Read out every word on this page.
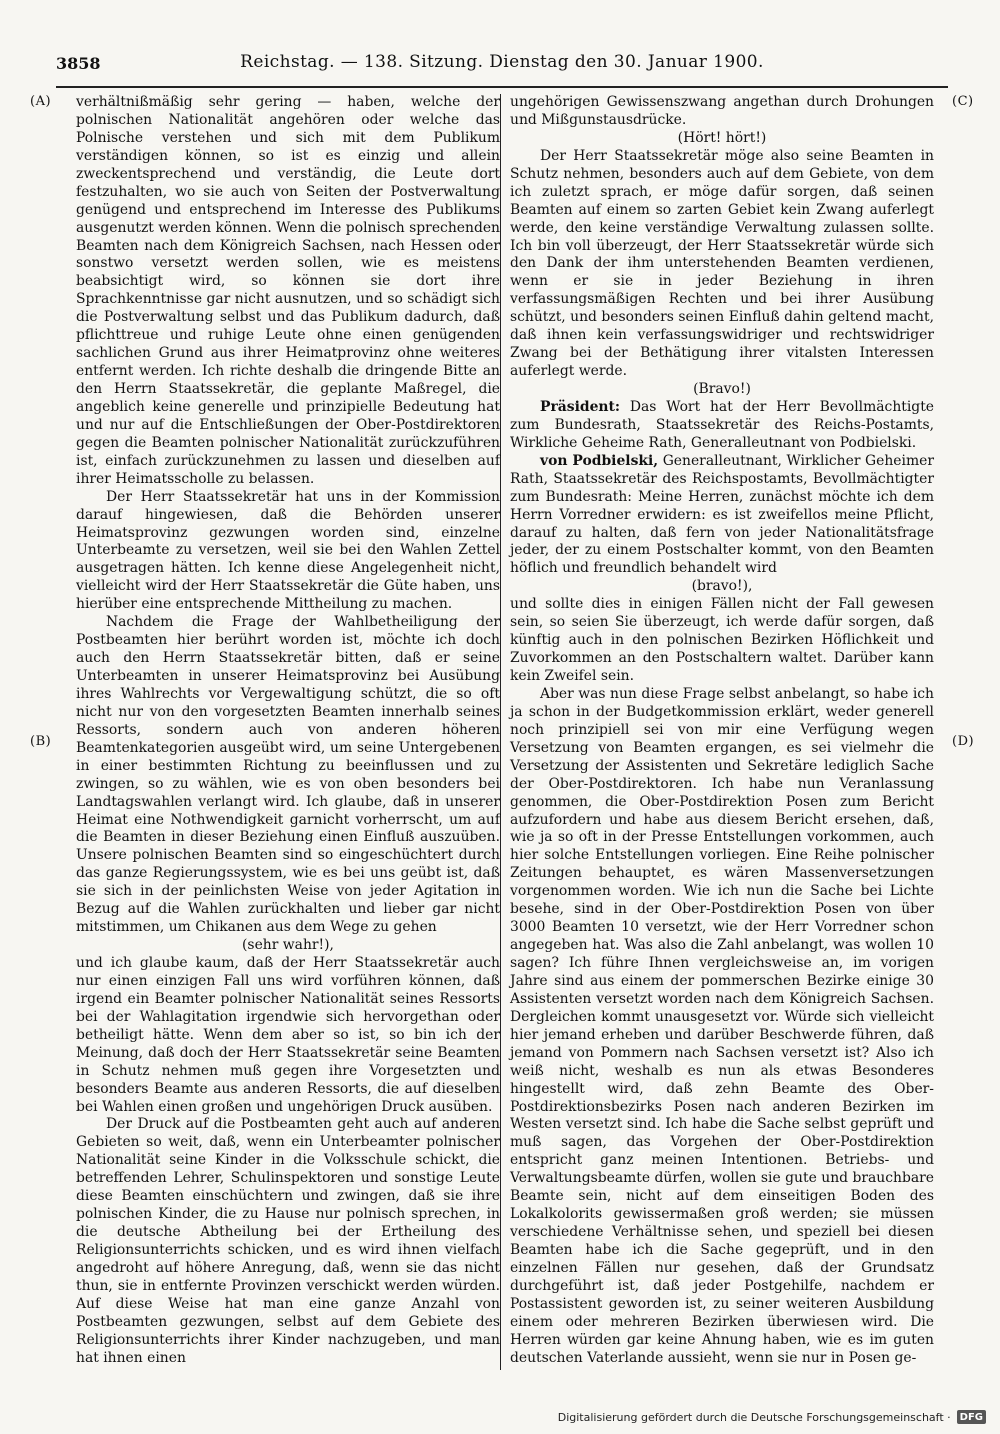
3858	Reichstag. — 138. Sitzung. Dienstag den 30. Januar 1900.
(A)
(B)
(C)
(D)

verhältnißmäßig sehr gering — haben, welche der polnischen Nationalität angehören oder welche das Polnische verstehen und sich mit dem Publikum verständigen können, so ist es einzig und allein zweckentsprechend und verständig, die Leute dort festzuhalten, wo sie auch von Seiten der Postverwaltung genügend und entsprechend im Interesse des Publikums ausgenutzt werden können. Wenn die polnisch sprechenden Beamten nach dem Königreich Sachsen, nach Hessen oder sonstwo versetzt werden sollen, wie es meistens beabsichtigt wird, so können sie dort ihre Sprachkenntnisse gar nicht ausnutzen, und so schädigt sich die Postverwaltung selbst und das Publikum dadurch, daß pflichttreue und ruhige Leute ohne einen genügenden sachlichen Grund aus ihrer Heimatprovinz ohne weiteres entfernt werden. Ich richte deshalb die dringende Bitte an den Herrn Staatssekretär, die geplante Maßregel, die angeblich keine generelle und prinzipielle Bedeutung hat und nur auf die Entschließungen der Ober-Postdirektoren gegen die Beamten polnischer Nationalität zurückzuführen ist, einfach zurückzunehmen zu lassen und dieselben auf ihrer Heimatsscholle zu belassen.

Der Herr Staatssekretär hat uns in der Kommission darauf hingewiesen, daß die Behörden unserer Heimatsprovinz gezwungen worden sind, einzelne Unterbeamte zu versetzen, weil sie bei den Wahlen Zettel ausgetragen hätten. Ich kenne diese Angelegenheit nicht, vielleicht wird der Herr Staatssekretär die Güte haben, uns hierüber eine entsprechende Mittheilung zu machen.

Nachdem die Frage der Wahlbetheiligung der Postbeamten hier berührt worden ist, möchte ich doch auch den Herrn Staatssekretär bitten, daß er seine Unterbeamten in unserer Heimatsprovinz bei Ausübung ihres Wahlrechts vor Vergewaltigung schützt, die so oft nicht nur von den vorgesetzten Beamten innerhalb seines Ressorts, sondern auch von anderen höheren Beamtenkategorien ausgeübt wird, um seine Untergebenen in einer bestimmten Richtung zu beeinflussen und zu zwingen, so zu wählen, wie es von oben besonders bei Landtagswahlen verlangt wird. Ich glaube, daß in unserer Heimat eine Nothwendigkeit garnicht vorherrscht, um auf die Beamten in dieser Beziehung einen Einfluß auszuüben. Unsere polnischen Beamten sind so eingeschüchtert durch das ganze Regierungssystem, wie es bei uns geübt ist, daß sie sich in der peinlichsten Weise von jeder Agitation in Bezug auf die Wahlen zurückhalten und lieber gar nicht mitstimmen, um Chikanen aus dem Wege zu gehen

(sehr wahr!),

und ich glaube kaum, daß der Herr Staatssekretär auch nur einen einzigen Fall uns wird vorführen können, daß irgend ein Beamter polnischer Nationalität seines Ressorts bei der Wahlagitation irgendwie sich hervorgethan oder betheiligt hätte. Wenn dem aber so ist, so bin ich der Meinung, daß doch der Herr Staatssekretär seine Beamten in Schutz nehmen muß gegen ihre Vorgesetzten und besonders Beamte aus anderen Ressorts, die auf dieselben bei Wahlen einen großen und ungehörigen Druck ausüben.

Der Druck auf die Postbeamten geht auch auf anderen Gebieten so weit, daß, wenn ein Unterbeamter polnischer Nationalität seine Kinder in die Volksschule schickt, die betreffenden Lehrer, Schulinspektoren und sonstige Leute diese Beamten einschüchtern und zwingen, daß sie ihre polnischen Kinder, die zu Hause nur polnisch sprechen, in die deutsche Abtheilung bei der Ertheilung des Religionsunterrichts schicken, und es wird ihnen vielfach angedroht auf höhere Anregung, daß, wenn sie das nicht thun, sie in entfernte Provinzen verschickt werden würden. Auf diese Weise hat man eine ganze Anzahl von Postbeamten gezwungen, selbst auf dem Gebiete des Religionsunterrichts ihrer Kinder nachzugeben, und man hat ihnen einen

ungehörigen Gewissenszwang angethan durch Drohungen und Mißgunstausdrücke.

(Hört! hört!)

Der Herr Staatssekretär möge also seine Beamten in Schutz nehmen, besonders auch auf dem Gebiete, von dem ich zuletzt sprach, er möge dafür sorgen, daß seinen Beamten auf einem so zarten Gebiet kein Zwang auferlegt werde, den keine verständige Verwaltung zulassen sollte. Ich bin voll überzeugt, der Herr Staatssekretär würde sich den Dank der ihm unterstehenden Beamten verdienen, wenn er sie in jeder Beziehung in ihren verfassungsmäßigen Rechten und bei ihrer Ausübung schützt, und besonders seinen Einfluß dahin geltend macht, daß ihnen kein verfassungswidriger und rechtswidriger Zwang bei der Bethätigung ihrer vitalsten Interessen auferlegt werde.

(Bravo!)

Präsident: Das Wort hat der Herr Bevollmächtigte zum Bundesrath, Staatssekretär des Reichs-Postamts, Wirkliche Geheime Rath, Generalleutnant von Podbielski.

von Podbielski, Generalleutnant, Wirklicher Geheimer Rath, Staatssekretär des Reichspostamts, Bevollmächtigter zum Bundesrath: Meine Herren, zunächst möchte ich dem Herrn Vorredner erwidern: es ist zweifellos meine Pflicht, darauf zu halten, daß fern von jeder Nationalitätsfrage jeder, der zu einem Postschalter kommt, von den Beamten höflich und freundlich behandelt wird

(bravo!),

und sollte dies in einigen Fällen nicht der Fall gewesen sein, so seien Sie überzeugt, ich werde dafür sorgen, daß künftig auch in den polnischen Bezirken Höflichkeit und Zuvorkommen an den Postschaltern waltet. Darüber kann kein Zweifel sein.

Aber was nun diese Frage selbst anbelangt, so habe ich ja schon in der Budgetkommission erklärt, weder generell noch prinzipiell sei von mir eine Verfügung wegen Versetzung von Beamten ergangen, es sei vielmehr die Versetzung der Assistenten und Sekretäre lediglich Sache der Ober-Postdirektoren. Ich habe nun Veranlassung genommen, die Ober-Postdirektion Posen zum Bericht aufzufordern und habe aus diesem Bericht ersehen, daß, wie ja so oft in der Presse Entstellungen vorkommen, auch hier solche Entstellungen vorliegen. Eine Reihe polnischer Zeitungen behauptet, es wären Massenversetzungen vorgenommen worden. Wie ich nun die Sache bei Lichte besehe, sind in der Ober-Postdirektion Posen von über 3000 Beamten 10 versetzt, wie der Herr Vorredner schon angegeben hat. Was also die Zahl anbelangt, was wollen 10 sagen? Ich führe Ihnen vergleichsweise an, im vorigen Jahre sind aus einem der pommerschen Bezirke einige 30 Assistenten versetzt worden nach dem Königreich Sachsen. Dergleichen kommt unausgesetzt vor. Würde sich vielleicht hier jemand erheben und darüber Beschwerde führen, daß jemand von Pommern nach Sachsen versetzt ist? Also ich weiß nicht, weshalb es nun als etwas Besonderes hingestellt wird, daß zehn Beamte des Ober-Postdirektionsbezirks Posen nach anderen Bezirken im Westen versetzt sind. Ich habe die Sache selbst geprüft und muß sagen, das Vorgehen der Ober-Postdirektion entspricht ganz meinen Intentionen. Betriebs- und Verwaltungsbeamte dürfen, wollen sie gute und brauchbare Beamte sein, nicht auf dem einseitigen Boden des Lokalkolorits gewissermaßen groß werden; sie müssen verschiedene Verhältnisse sehen, und speziell bei diesen Beamten habe ich die Sache gegeprüft, und in den einzelnen Fällen nur gesehen, daß der Grundsatz durchgeführt ist, daß jeder Postgehilfe, nachdem er Postassistent geworden ist, zu seiner weiteren Ausbildung einem oder mehreren Bezirken überwiesen wird. Die Herren würden gar keine Ahnung haben, wie es im guten deutschen Vaterlande aussieht, wenn sie nur in Posen ge-

Digitalisierung gefördert durch die Deutsche Forschungsgemeinschaft · DFG
